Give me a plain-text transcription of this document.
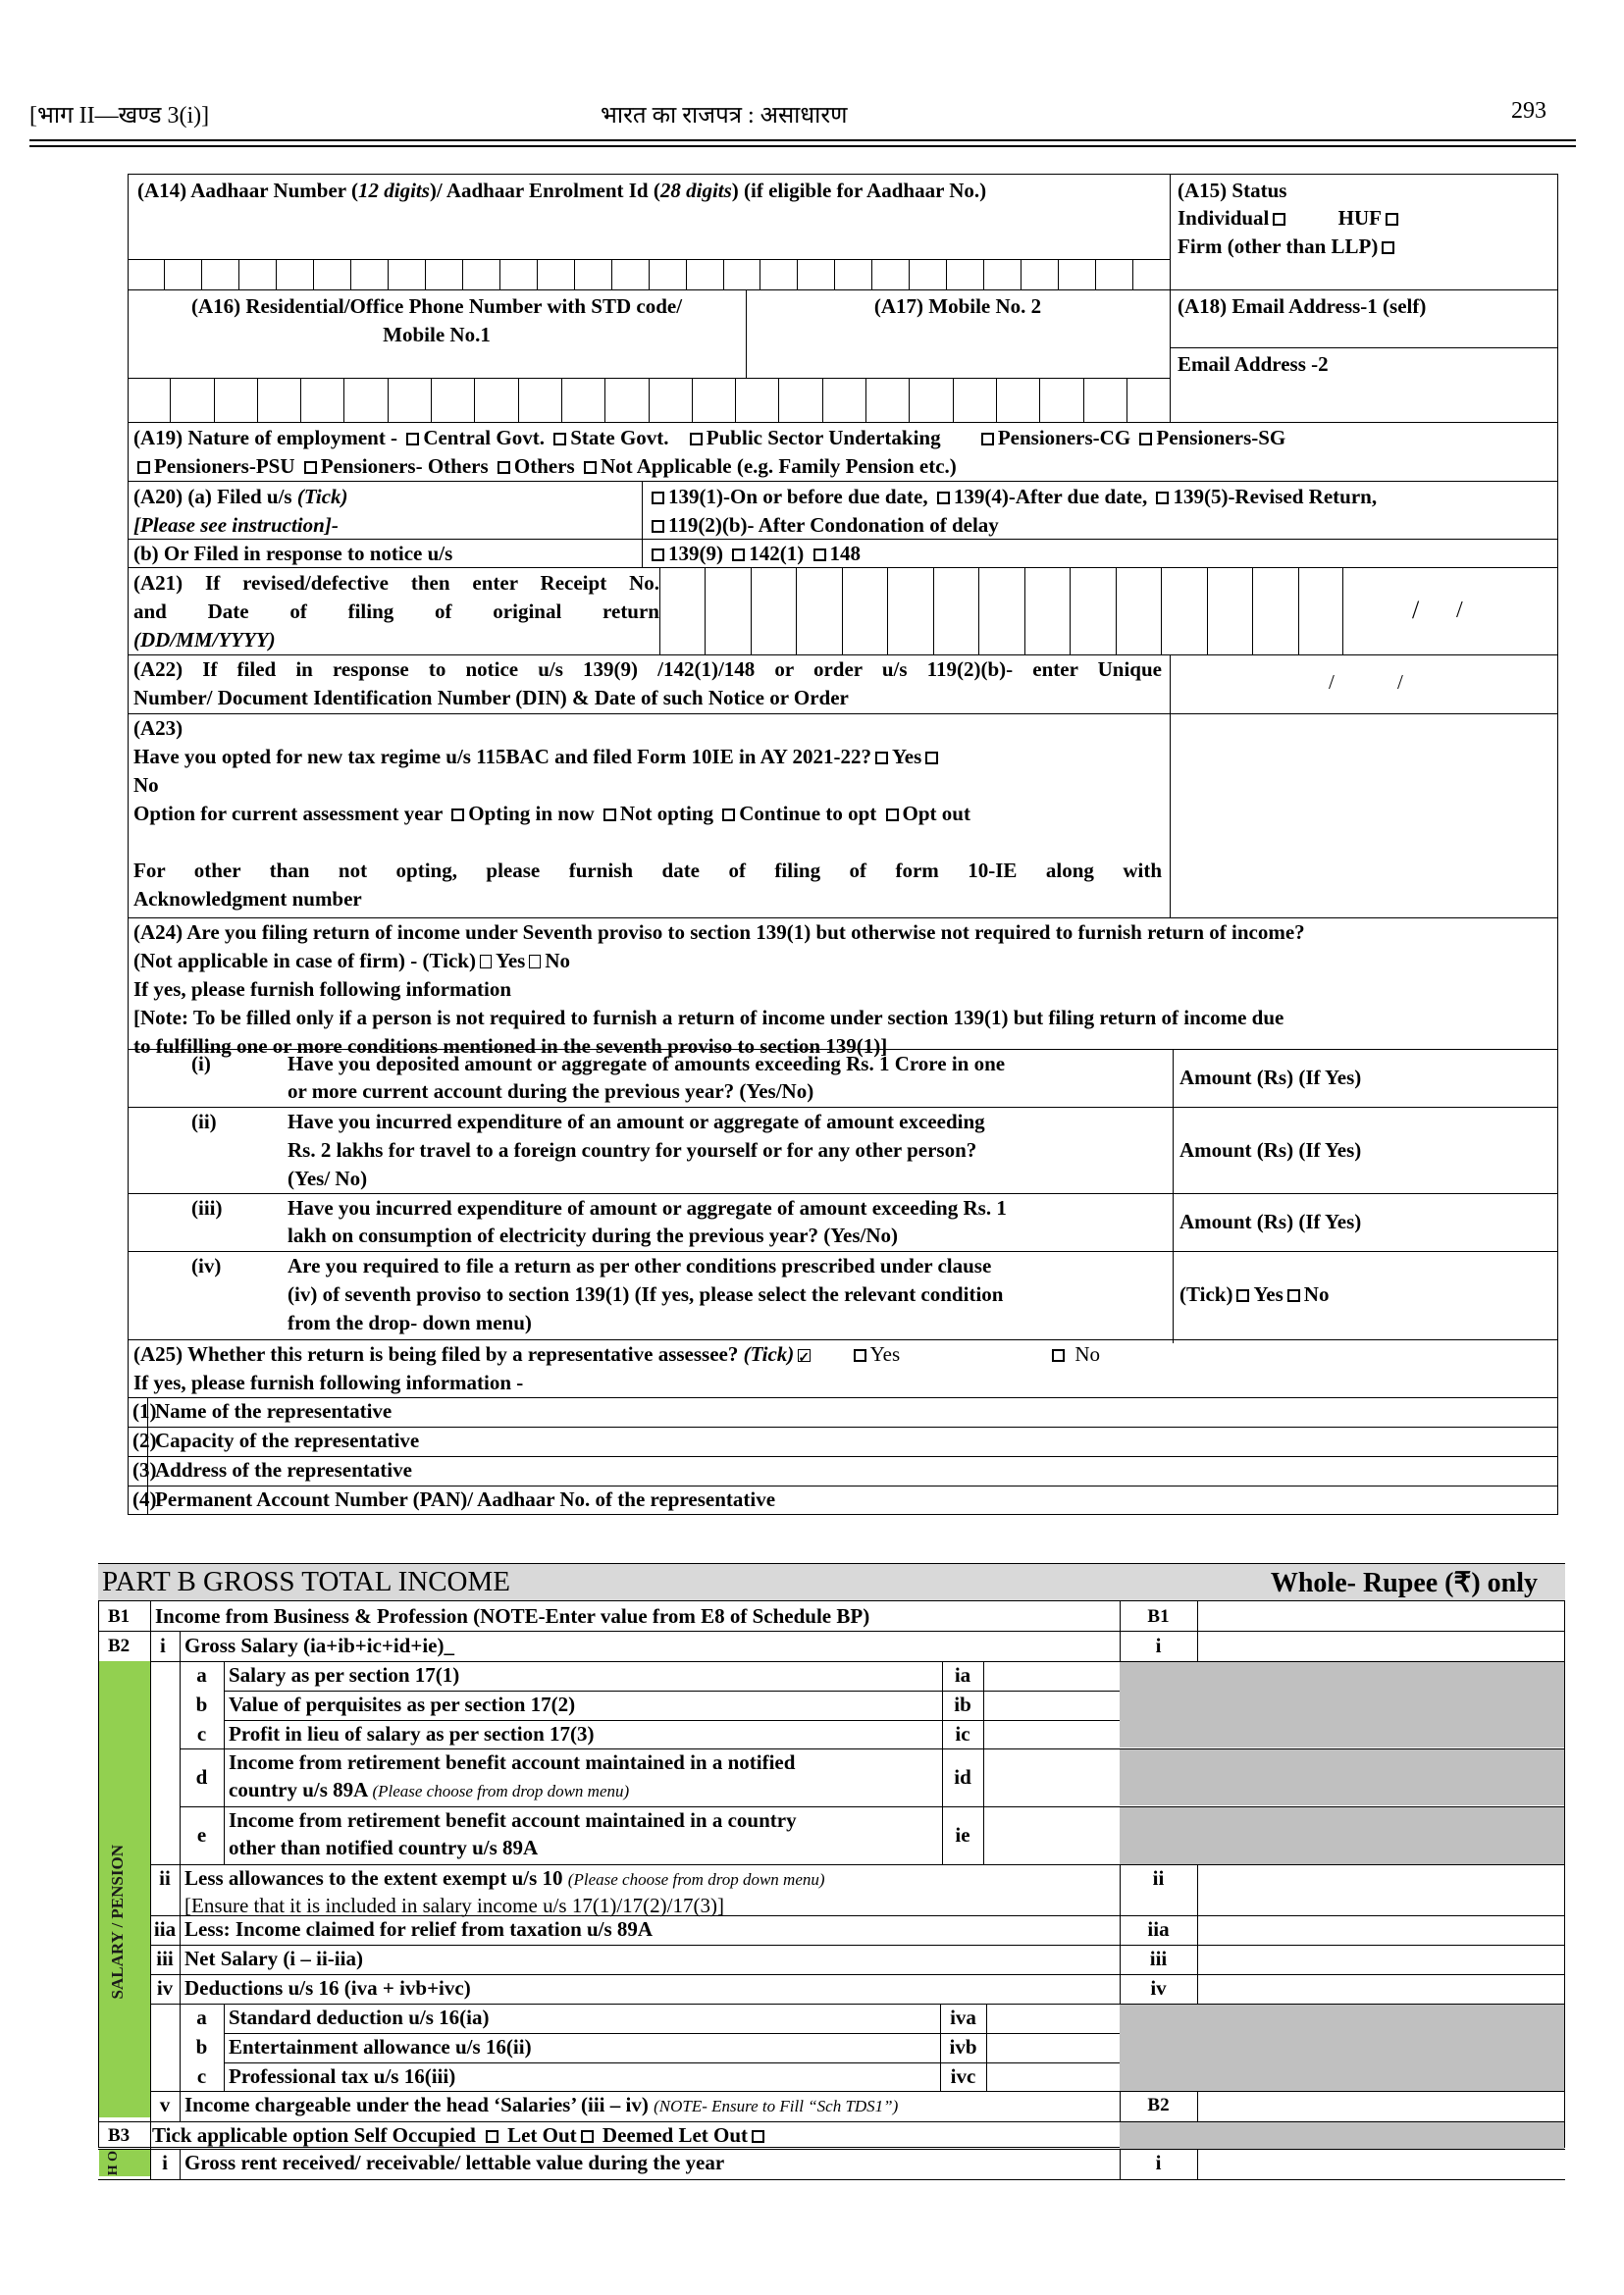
[भाग II—खण्ड 3(i)]	भारत का राजपत्र : असाधारण	293
(A14) Aadhaar Number (12 digits)/ Aadhaar Enrolment Id (28 digits) (if eligible for Aadhaar No.)	(A15) Status
Individual	HUF
Firm (other than LLP)
(A16) Residential/Office Phone Number with STD code/
Mobile No.1
(A17) Mobile No. 2	(A18) Email Address-1 (self)
Email Address -2
(A19) Nature of employment - Central Govt. State Govt. Public Sector Undertaking	Pensioners-CG Pensioners-SG
Pensioners-PSU Pensioners- Others Others Not Applicable (e.g. Family Pension etc.)
(A20) (a) Filed u/s (Tick)
[Please see instruction]-
139(1)-On or before due date, 139(4)-After due date, 139(5)-Revised Return,
119(2)(b)- After Condonation of delay
(b) Or Filed in response to notice u/s	139(9) 142(1) 148
(A21) If revised/defective then enter Receipt No.
and Date of filing of original return
(DD/MM/YYYY)
/ /
(A22) If filed in response to notice u/s 139(9) /142(1)/148 or order u/s 119(2)(b)- enter Unique
Number/ Document Identification Number (DIN) & Date of such Notice or Order
/	/
(A23)
Have you opted for new tax regime u/s 115BAC and filed Form 10IE in AY 2021-22? Yes
No
Option for current assessment year Opting in now Not opting Continue to opt Opt out
For other than not opting, please furnish date of filing of form 10-IE along with
Acknowledgment number
(A24) Are you filing return of income under Seventh proviso to section 139(1) but otherwise not required to furnish return of income?
(Not applicable in case of firm) - (Tick) Yes No
If yes, please furnish following information
[Note: To be filled only if a person is not required to furnish a return of income under section 139(1) but filing return of income due
to fulfilling one or more conditions mentioned in the seventh proviso to section 139(1)]
(i)	Have you deposited amount or aggregate of amounts exceeding Rs. 1 Crore in one
or more current account during the previous year? (Yes/No)
Amount (Rs) (If Yes)
(ii)	Have you incurred expenditure of an amount or aggregate of amount exceeding
Rs. 2 lakhs for travel to a foreign country for yourself or for any other person?
(Yes/ No)
Amount (Rs) (If Yes)
(iii)	Have you incurred expenditure of amount or aggregate of amount exceeding Rs. 1
lakh on consumption of electricity during the previous year? (Yes/No)
Amount (Rs) (If Yes)
(iv)	Are you required to file a return as per other conditions prescribed under clause
(iv) of seventh proviso to section 139(1) (If yes, please select the relevant condition
from the drop- down menu)
(Tick) Yes No
(A25) Whether this return is being filed by a representative assessee? (Tick) ✓	Yes	No
If yes, please furnish following information -
(1)
Name of the representative
(2)
Capacity of the representative
(3)
Address of the representative
(4)
Permanent Account Number (PAN)/ Aadhaar No. of the representative
PART B GROSS TOTAL INCOME	Whole- Rupee (₹) only
SALARY / PENSION
B1 Income from Business & Profession (NOTE-Enter value from E8 of Schedule BP)	B1
B2 i Gross Salary (ia+ib+ic+id+ie)_	i
a	Salary as per section 17(1)	ia
b	Value of perquisites as per section 17(2)	ib
c	Profit in lieu of salary as per section 17(3)	ic
d
Income from retirement benefit account maintained in a notified
country u/s 89A (Please choose from drop down menu)
id
e
Income from retirement benefit account maintained in a country
other than notified country u/s 89A
ie
ii Less allowances to the extent exempt u/s 10 (Please choose from drop down menu)
[Ensure that it is included in salary income u/s 17(1)/17(2)/17(3)]
ii
iia Less: Income claimed for relief from taxation u/s 89A	iia
iii Net Salary (i – ii-iia)	iii
iv Deductions u/s 16 (iva + ivb+ivc)	iv
a	Standard deduction u/s 16(ia)	iva
b	Entertainment allowance u/s 16(ii)	ivb
c	Professional tax u/s 16(iii)	ivc
v Income chargeable under the head ‘Salaries’ (iii – iv) (NOTE- Ensure to Fill “Sch TDS1”)	B2
B3 Tick applicable option Self Occupied Let Out Deemed Let Out
H O	i Gross rent received/ receivable/ lettable value during the year	i
